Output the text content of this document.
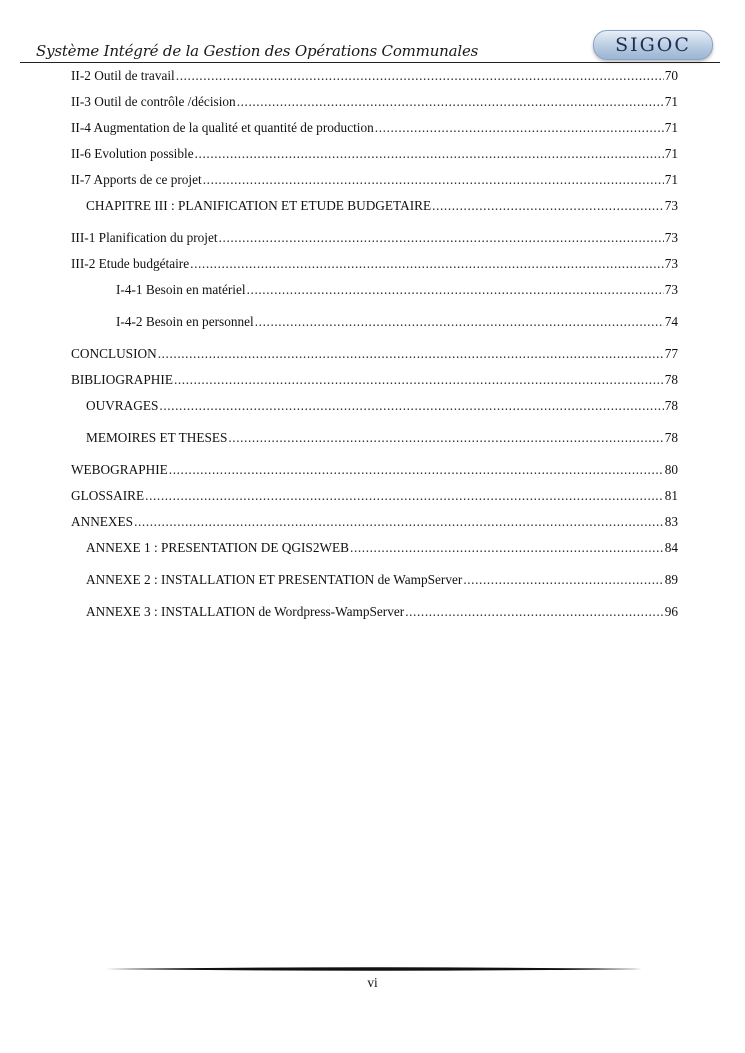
Système Intégré de la Gestion des Opérations Communales	SIGOC
II-2 Outil de travail .....	70
II-3 Outil de contrôle /décision .....	71
II-4 Augmentation de la qualité et quantité de production .....	71
II-6 Evolution possible .....	71
II-7 Apports de ce projet .....	71
CHAPITRE III : PLANIFICATION ET ETUDE BUDGETAIRE .....	73
III-1 Planification du projet .....	73
III-2 Etude budgétaire .....	73
I-4-1 Besoin en matériel .....	73
I-4-2 Besoin en personnel .....	74
CONCLUSION .....	77
BIBLIOGRAPHIE .....	78
OUVRAGES .....	78
MEMOIRES ET THESES .....	78
WEBOGRAPHIE .....	80
GLOSSAIRE .....	81
ANNEXES .....	83
ANNEXE 1 : PRESENTATION DE QGIS2WEB .....	84
ANNEXE 2 : INSTALLATION ET PRESENTATION de WampServer .....	89
ANNEXE 3 : INSTALLATION de Wordpress-WampServer .....	96
vi
